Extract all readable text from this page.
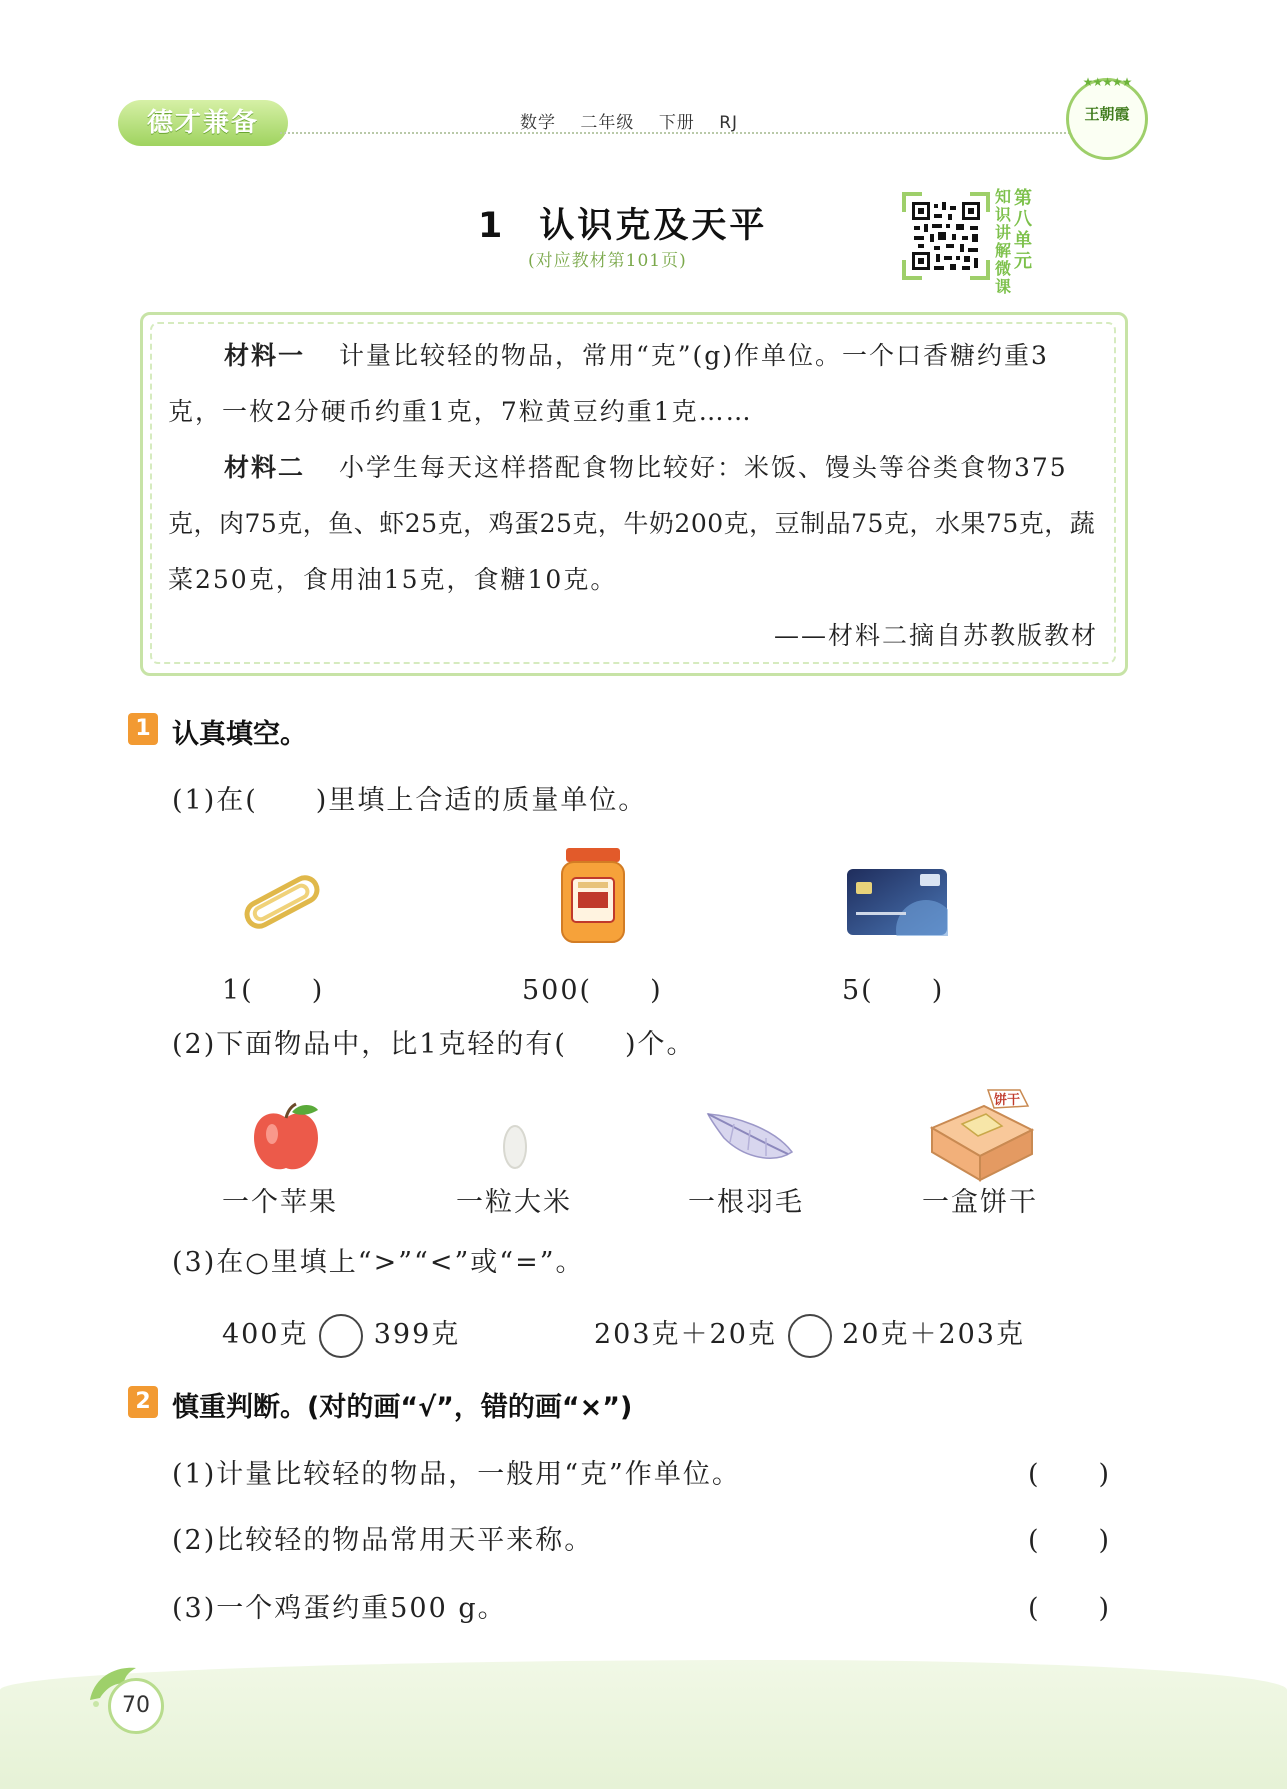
德才兼备	数学 二年级 下册 RJ
★★★★★
王朝霞
1 认识克及天平
(对应教材第101页)
知识讲解微课
第八单元
材料一 计量比较轻的物品，常用“克”(g)作单位。一个口香糖约重3
克，一枚2分硬币约重1克，7粒黄豆约重1克……
材料二 小学生每天这样搭配食物比较好：米饭、馒头等谷类食物375
克，肉75克，鱼、虾25克，鸡蛋25克，牛奶200克，豆制品75克，水果75克，蔬
菜250克，食用油15克，食糖10克。
——材料二摘自苏教版教材
1 认真填空。
(1)在(　　)里填上合适的质量单位。
1(　　)	500(　　)	5(　　)
(2)下面物品中，比1克轻的有(　　)个。
饼干
一个苹果	一粒大米	一根羽毛	一盒饼干
(3)在○里填上“>”“<”或“=”。
400克 399克	203克＋20克 20克＋203克
2 慎重判断。(对的画“√”，错的画“×”)
(1)计量比较轻的物品，一般用“克”作单位。	(　　)
(2)比较轻的物品常用天平来称。	(　　)
(3)一个鸡蛋约重500 g。	(　　)
70
